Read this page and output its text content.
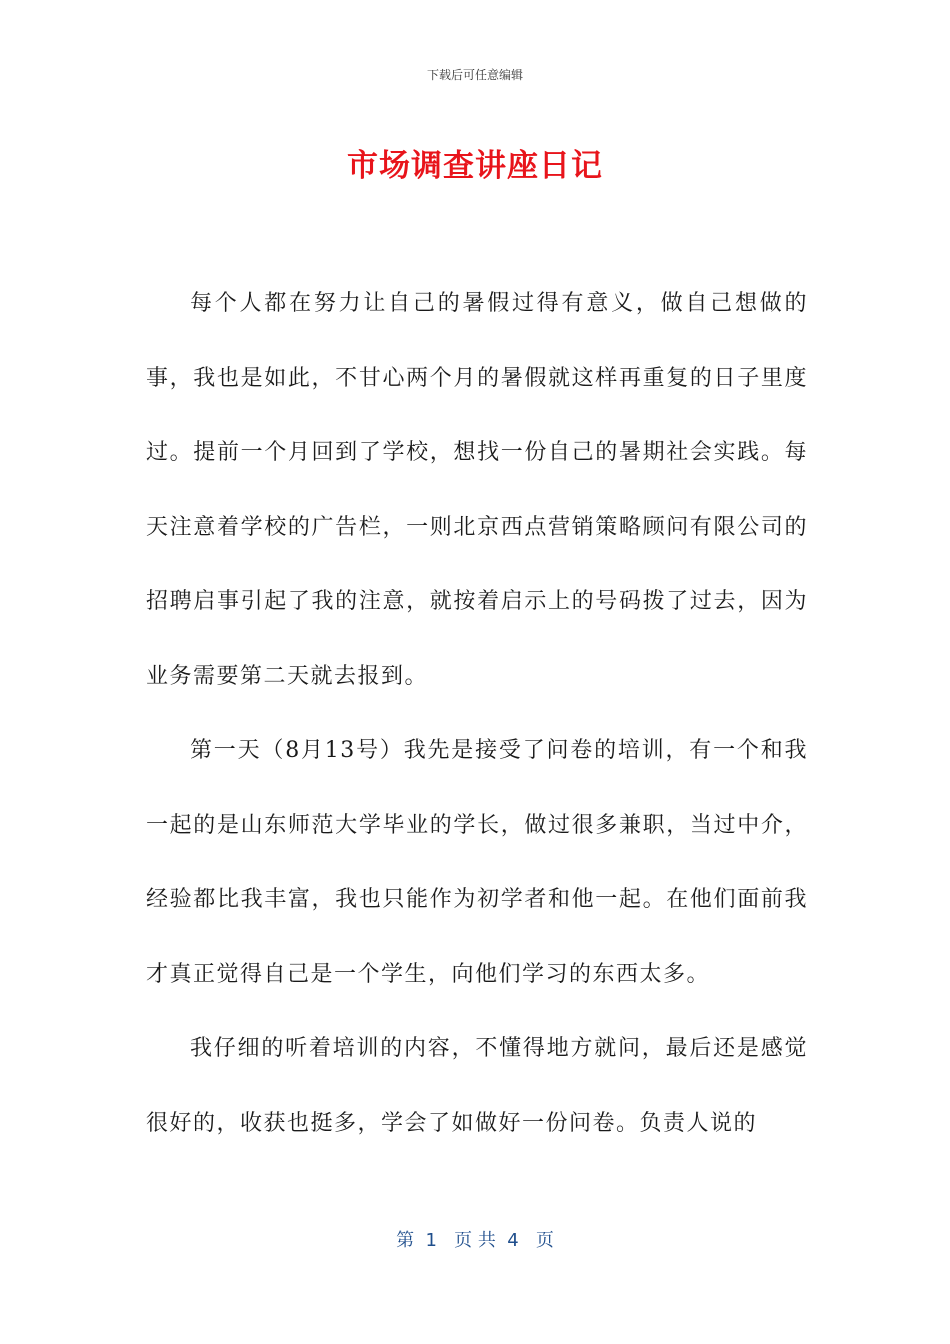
下载后可任意编辑
市场调查讲座日记

每个人都在努力让自己的暑假过得有意义，做自己想做的事，我也是如此，不甘心两个月的暑假就这样再重复的日子里度过。提前一个月回到了学校，想找一份自己的暑期社会实践。每天注意着学校的广告栏，一则北京西点营销策略顾问有限公司的招聘启事引起了我的注意，就按着启示上的号码拨了过去，因为业务需要第二天就去报到。

第一天（8月13号）我先是接受了问卷的培训，有一个和我一起的是山东师范大学毕业的学长，做过很多兼职，当过中介，经验都比我丰富，我也只能作为初学者和他一起。在他们面前我才真正觉得自己是一个学生，向他们学习的东西太多。

我仔细的听着培训的内容，不懂得地方就问，最后还是感觉很好的，收获也挺多，学会了如做好一份问卷。负责人说的

第  1   页 共  4   页
